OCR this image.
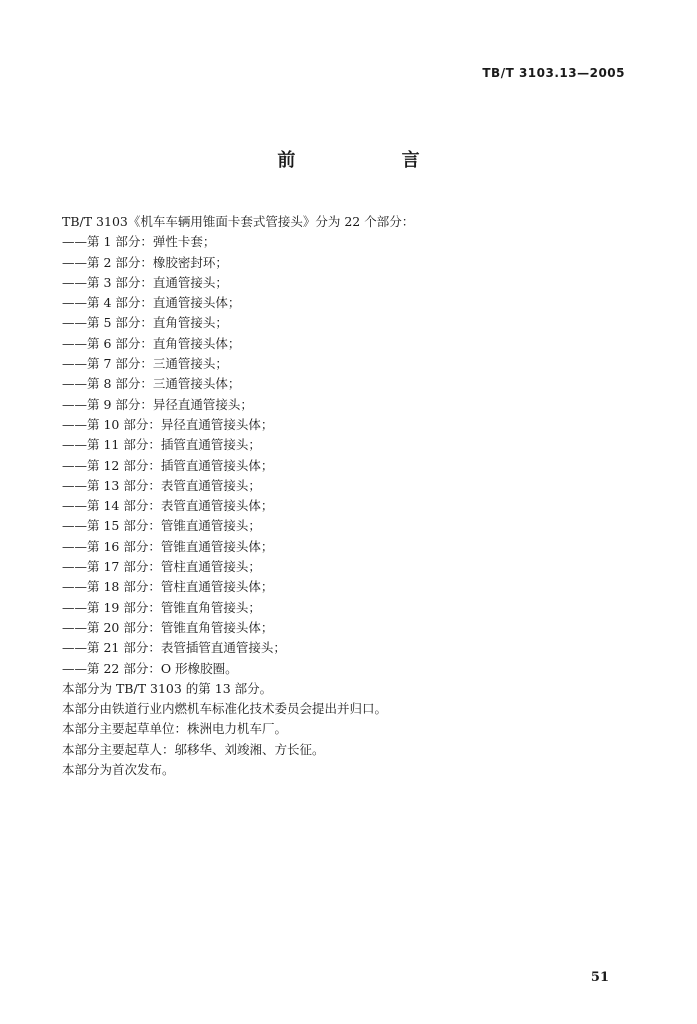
TB/T 3103.13—2005
前 言
TB/T 3103《机车车辆用锥面卡套式管接头》分为 22 个部分：
——第 1 部分：弹性卡套；
——第 2 部分：橡胶密封环；
——第 3 部分：直通管接头；
——第 4 部分：直通管接头体；
——第 5 部分：直角管接头；
——第 6 部分：直角管接头体；
——第 7 部分：三通管接头；
——第 8 部分：三通管接头体；
——第 9 部分：异径直通管接头；
——第 10 部分：异径直通管接头体；
——第 11 部分：插管直通管接头；
——第 12 部分：插管直通管接头体；
——第 13 部分：表管直通管接头；
——第 14 部分：表管直通管接头体；
——第 15 部分：管锥直通管接头；
——第 16 部分：管锥直通管接头体；
——第 17 部分：管柱直通管接头；
——第 18 部分：管柱直通管接头体；
——第 19 部分：管锥直角管接头；
——第 20 部分：管锥直角管接头体；
——第 21 部分：表管插管直通管接头；
——第 22 部分：O 形橡胶圈。
本部分为 TB/T 3103 的第 13 部分。
本部分由铁道行业内燃机车标准化技术委员会提出并归口。
本部分主要起草单位：株洲电力机车厂。
本部分主要起草人：邬移华、刘竣湘、方长征。
本部分为首次发布。
51
